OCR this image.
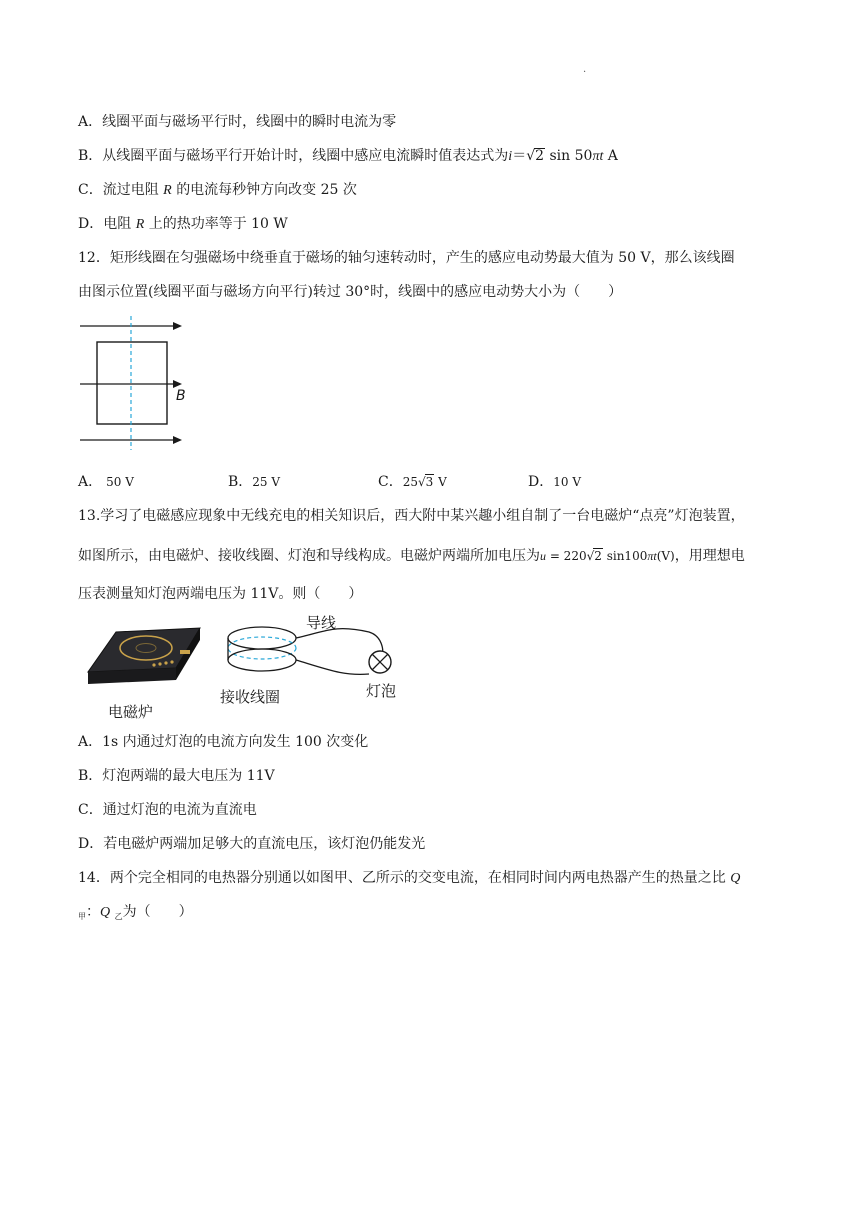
.
A．线圈平面与磁场平行时，线圈中的瞬时电流为零
B．从线圈平面与磁场平行开始计时，线圈中感应电流瞬时值表达式为i＝√2 sin 50πt A
C．流过电阻 R 的电流每秒钟方向改变 25 次
D．电阻 R 上的热功率等于 10 W
12．矩形线圈在匀强磁场中绕垂直于磁场的轴匀速转动时，产生的感应电动势最大值为 50 V，那么该线圈
由图示位置(线圈平面与磁场方向平行)转过 30°时，线圈中的感应电动势大小为（　　）
B
A． 50 V	B．25 V	C．25√3 V	D．10 V
13.学习了电磁感应现象中无线充电的相关知识后，西大附中某兴趣小组自制了一台电磁炉“点亮”灯泡装置，
如图所示，由电磁炉、接收线圈、灯泡和导线构成。电磁炉两端所加电压为u = 220√2 sin100πt(V)，用理想电
压表测量知灯泡两端电压为 11V。则（　　）
电磁炉
导线
接收线圈	灯泡
A．1s 内通过灯泡的电流方向发生 100 次变化
B．灯泡两端的最大电压为 11V
C．通过灯泡的电流为直流电
D．若电磁炉两端加足够大的直流电压，该灯泡仍能发光
14．两个完全相同的电热器分别通以如图甲、乙所示的交变电流，在相同时间内两电热器产生的热量之比 Q
$_甲$：Q $_乙$为（　　）
